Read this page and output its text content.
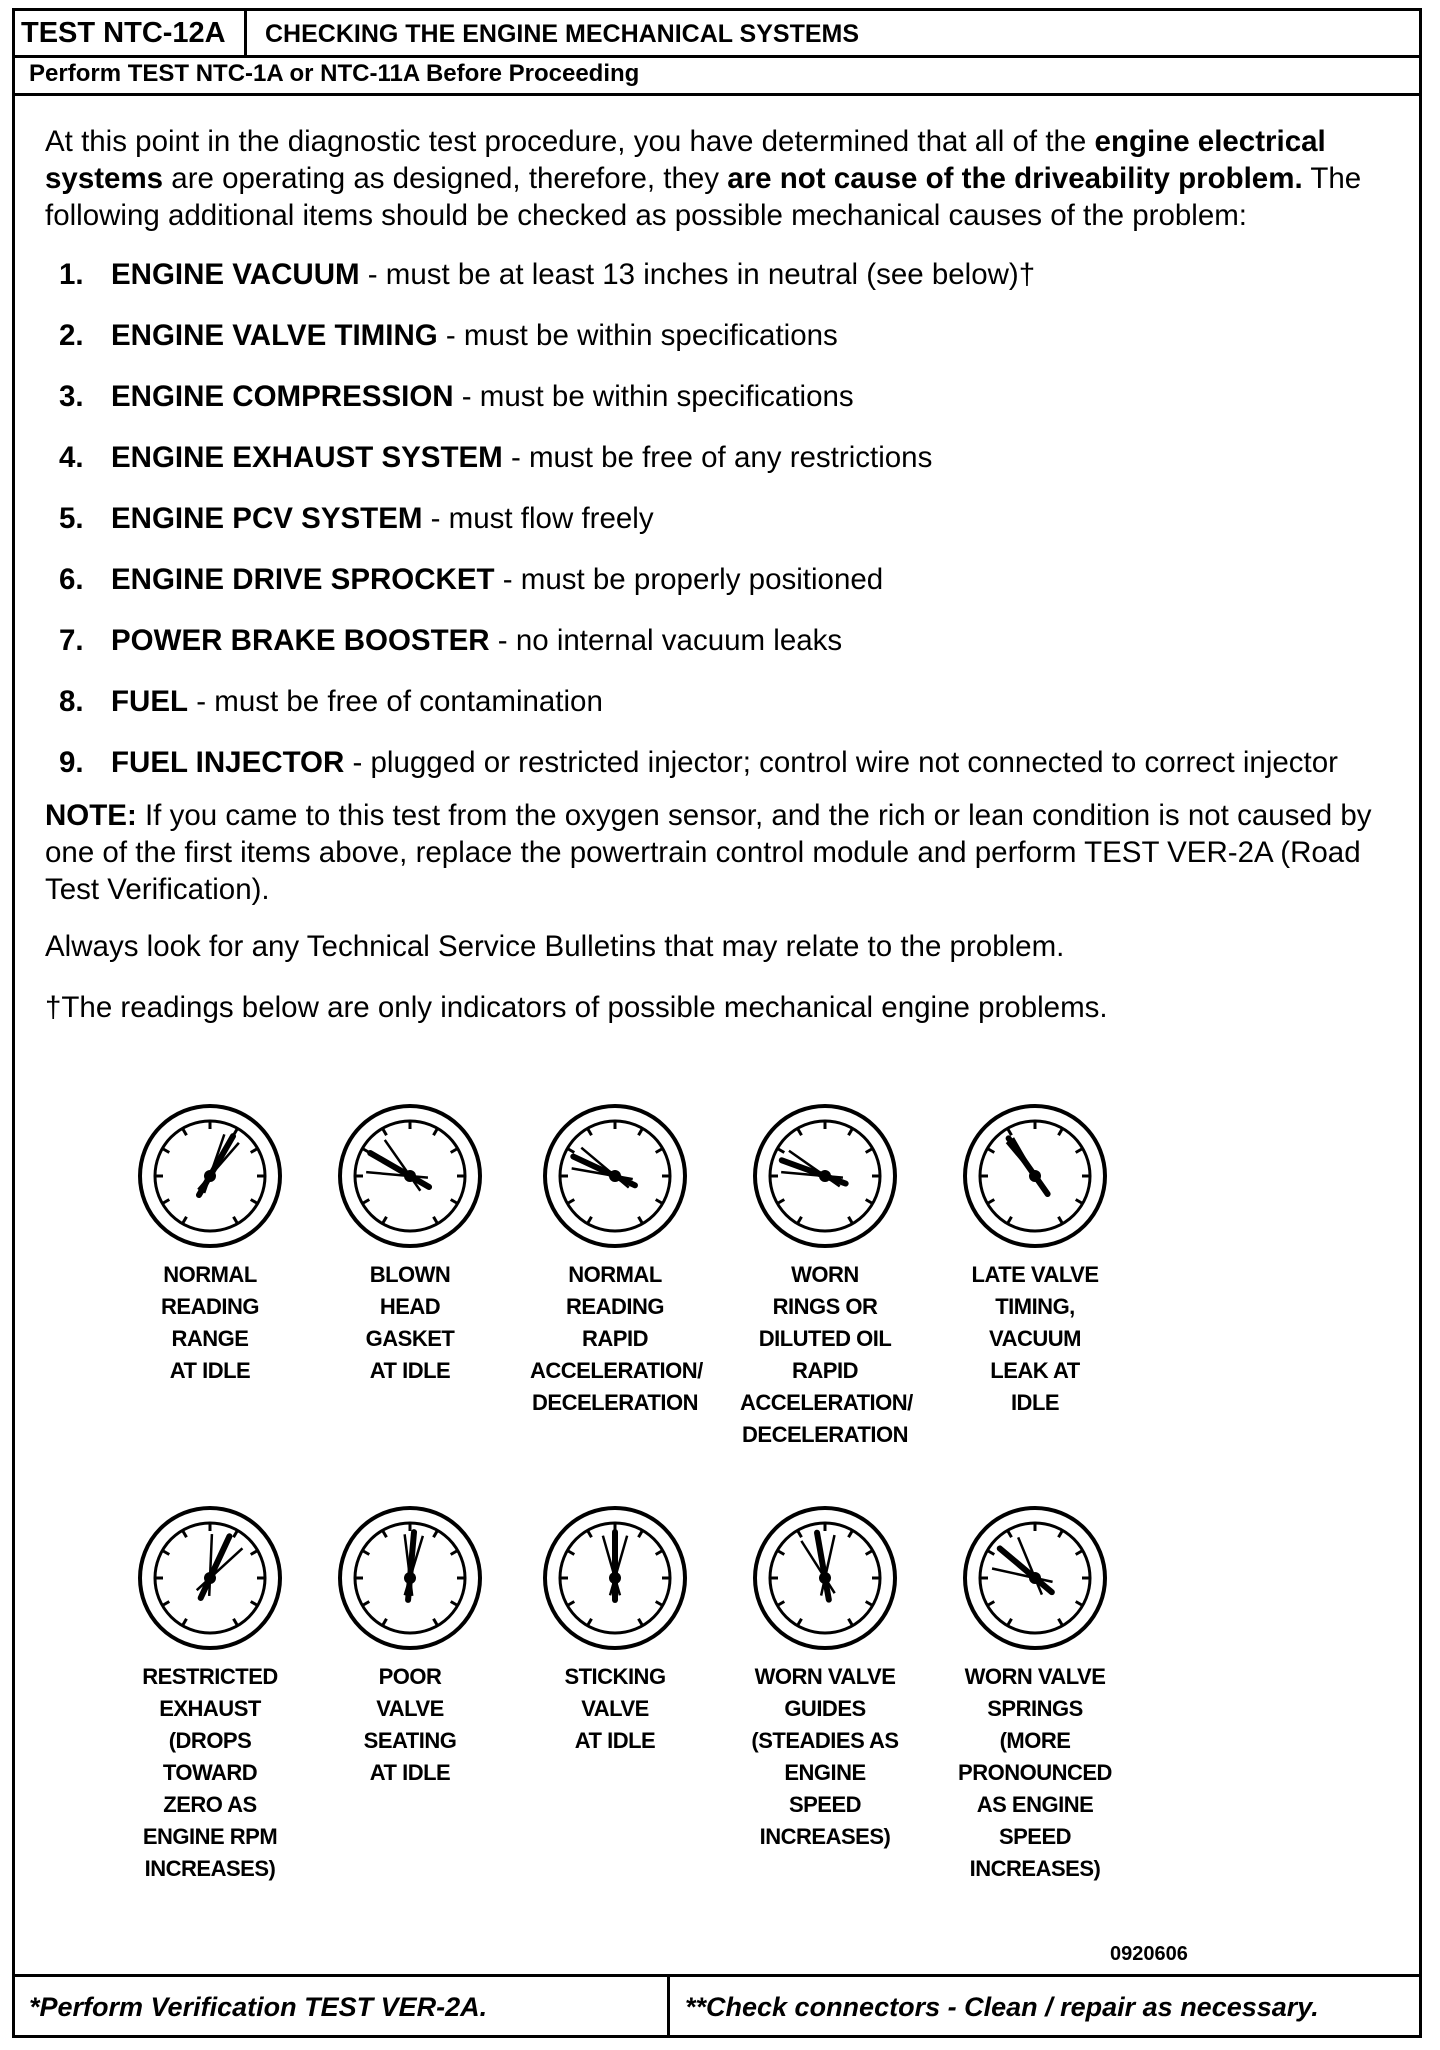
TEST NTC-12A	CHECKING THE ENGINE MECHANICAL SYSTEMS
Perform TEST NTC-1A or NTC-11A Before Proceeding

At this point in the diagnostic test procedure, you have determined that all of the engine electrical systems are operating as designed, therefore, they are not cause of the driveability problem. The following additional items should be checked as possible mechanical causes of the problem:

1. ENGINE VACUUM - must be at least 13 inches in neutral (see below)†
2. ENGINE VALVE TIMING - must be within specifications
3. ENGINE COMPRESSION - must be within specifications
4. ENGINE EXHAUST SYSTEM - must be free of any restrictions
5. ENGINE PCV SYSTEM - must flow freely
6. ENGINE DRIVE SPROCKET - must be properly positioned
7. POWER BRAKE BOOSTER - no internal vacuum leaks
8. FUEL - must be free of contamination
9. FUEL INJECTOR - plugged or restricted injector; control wire not connected to correct injector

NOTE: If you came to this test from the oxygen sensor, and the rich or lean condition is not caused by one of the first items above, replace the powertrain control module and perform TEST VER-2A (Road Test Verification).

Always look for any Technical Service Bulletins that may relate to the problem.

†The readings below are only indicators of possible mechanical engine problems.

NORMAL
READING
RANGE
AT IDLE
BLOWN
HEAD
GASKET
AT IDLE
NORMAL
READING
RAPID
ACCELERATION/
DECELERATION
WORN
RINGS OR
DILUTED OIL
RAPID
ACCELERATION/
DECELERATION
LATE VALVE
TIMING,
VACUUM
LEAK AT
IDLE
RESTRICTED
EXHAUST
(DROPS
TOWARD
ZERO AS
ENGINE RPM
INCREASES)
POOR
VALVE
SEATING
AT IDLE
STICKING
VALVE
AT IDLE
WORN VALVE
GUIDES
(STEADIES AS
ENGINE
SPEED
INCREASES)
WORN VALVE
SPRINGS
(MORE
PRONOUNCED
AS ENGINE
SPEED
INCREASES)
0920606
*Perform Verification TEST VER-2A.	**Check connectors - Clean / repair as necessary.
